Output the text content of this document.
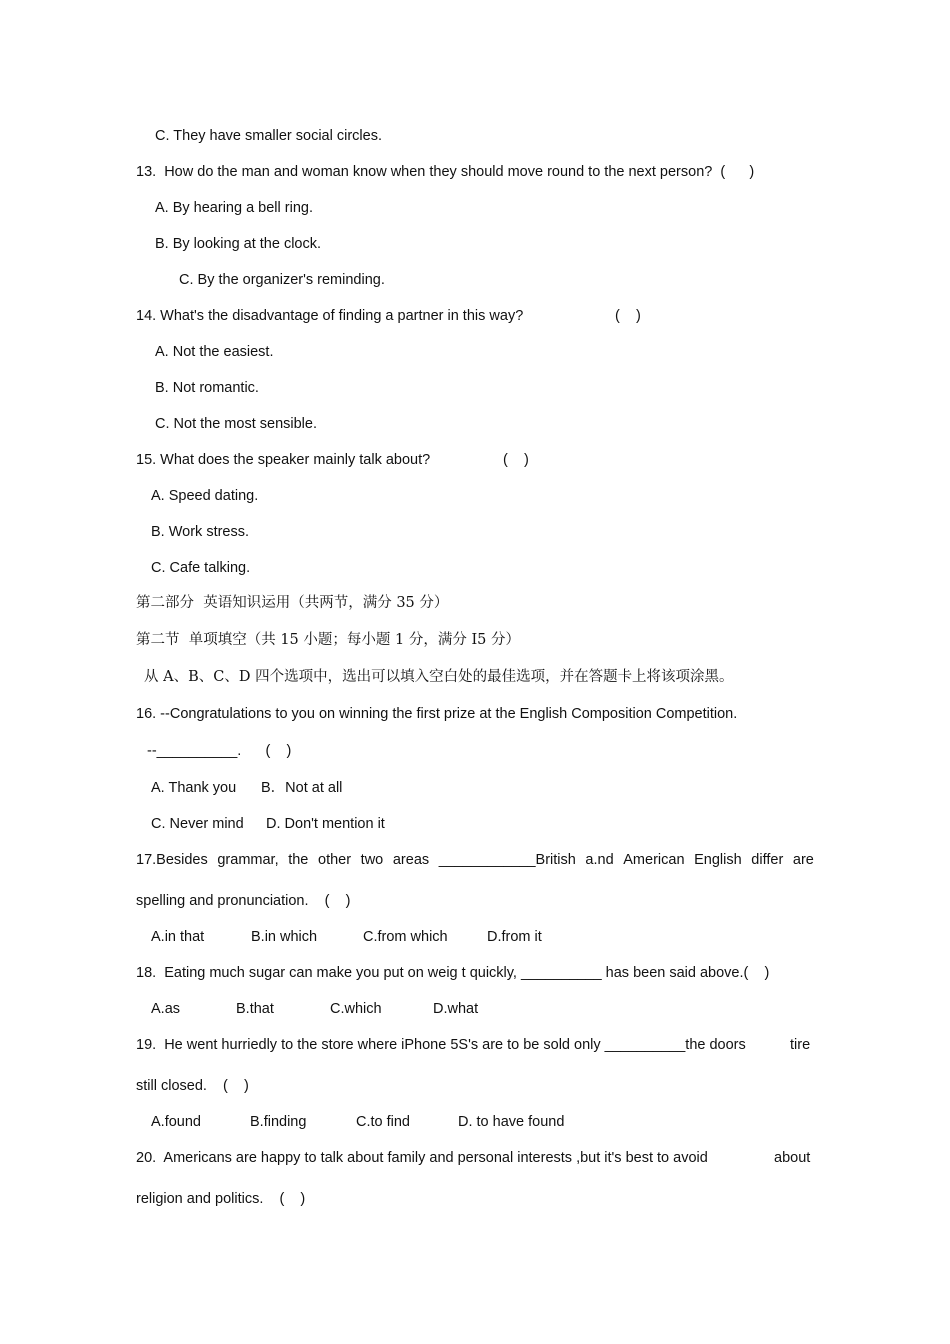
C. They have smaller social circles.
13.  How do the man and woman know when they should move round to the next person?  (      )
A. By hearing a bell ring.
B. By looking at the clock.
C. By the organizer's reminding.
14. What's the disadvantage of finding a partner in this way?	(    )
A. Not the easiest.
B. Not romantic.
C. Not the most sensible.
15. What does the speaker mainly talk about?	(    )
A. Speed dating.
B. Work stress.
C. Cafe talking.
第二部分  英语知识运用（共两节，满分 35 分）
第二节  单项填空（共 15 小题；每小题 1 分，满分 I5 分）
从 A、B、C、D 四个选项中，选出可以填入空白处的最佳选项，并在答题卡上将该项涂黑。
16. --Congratulations to you on winning the first prize at the English Composition Competition.
--__________.      (    )
A. Thank you B．Not at all
C. Never mind D. Don't mention it
17.Besides grammar, the other two areas ____________British a.nd American English differ are
spelling and pronunciation.    (    )
A.in that	B.in which	C.from which	D.from it
18.  Eating much sugar can make you put on weig t quickly, __________ has been said above.(    )
A.as	B.that	C.which	D.what
19.  He went hurriedly to the store where iPhone 5S's are to be sold only __________the doors	tire
still closed.    (    )
A.found	B.finding	C.to find	D. to have found
20.  Americans are happy to talk about family and personal interests ,but it's best to avoid	about
religion and politics.    (    )
